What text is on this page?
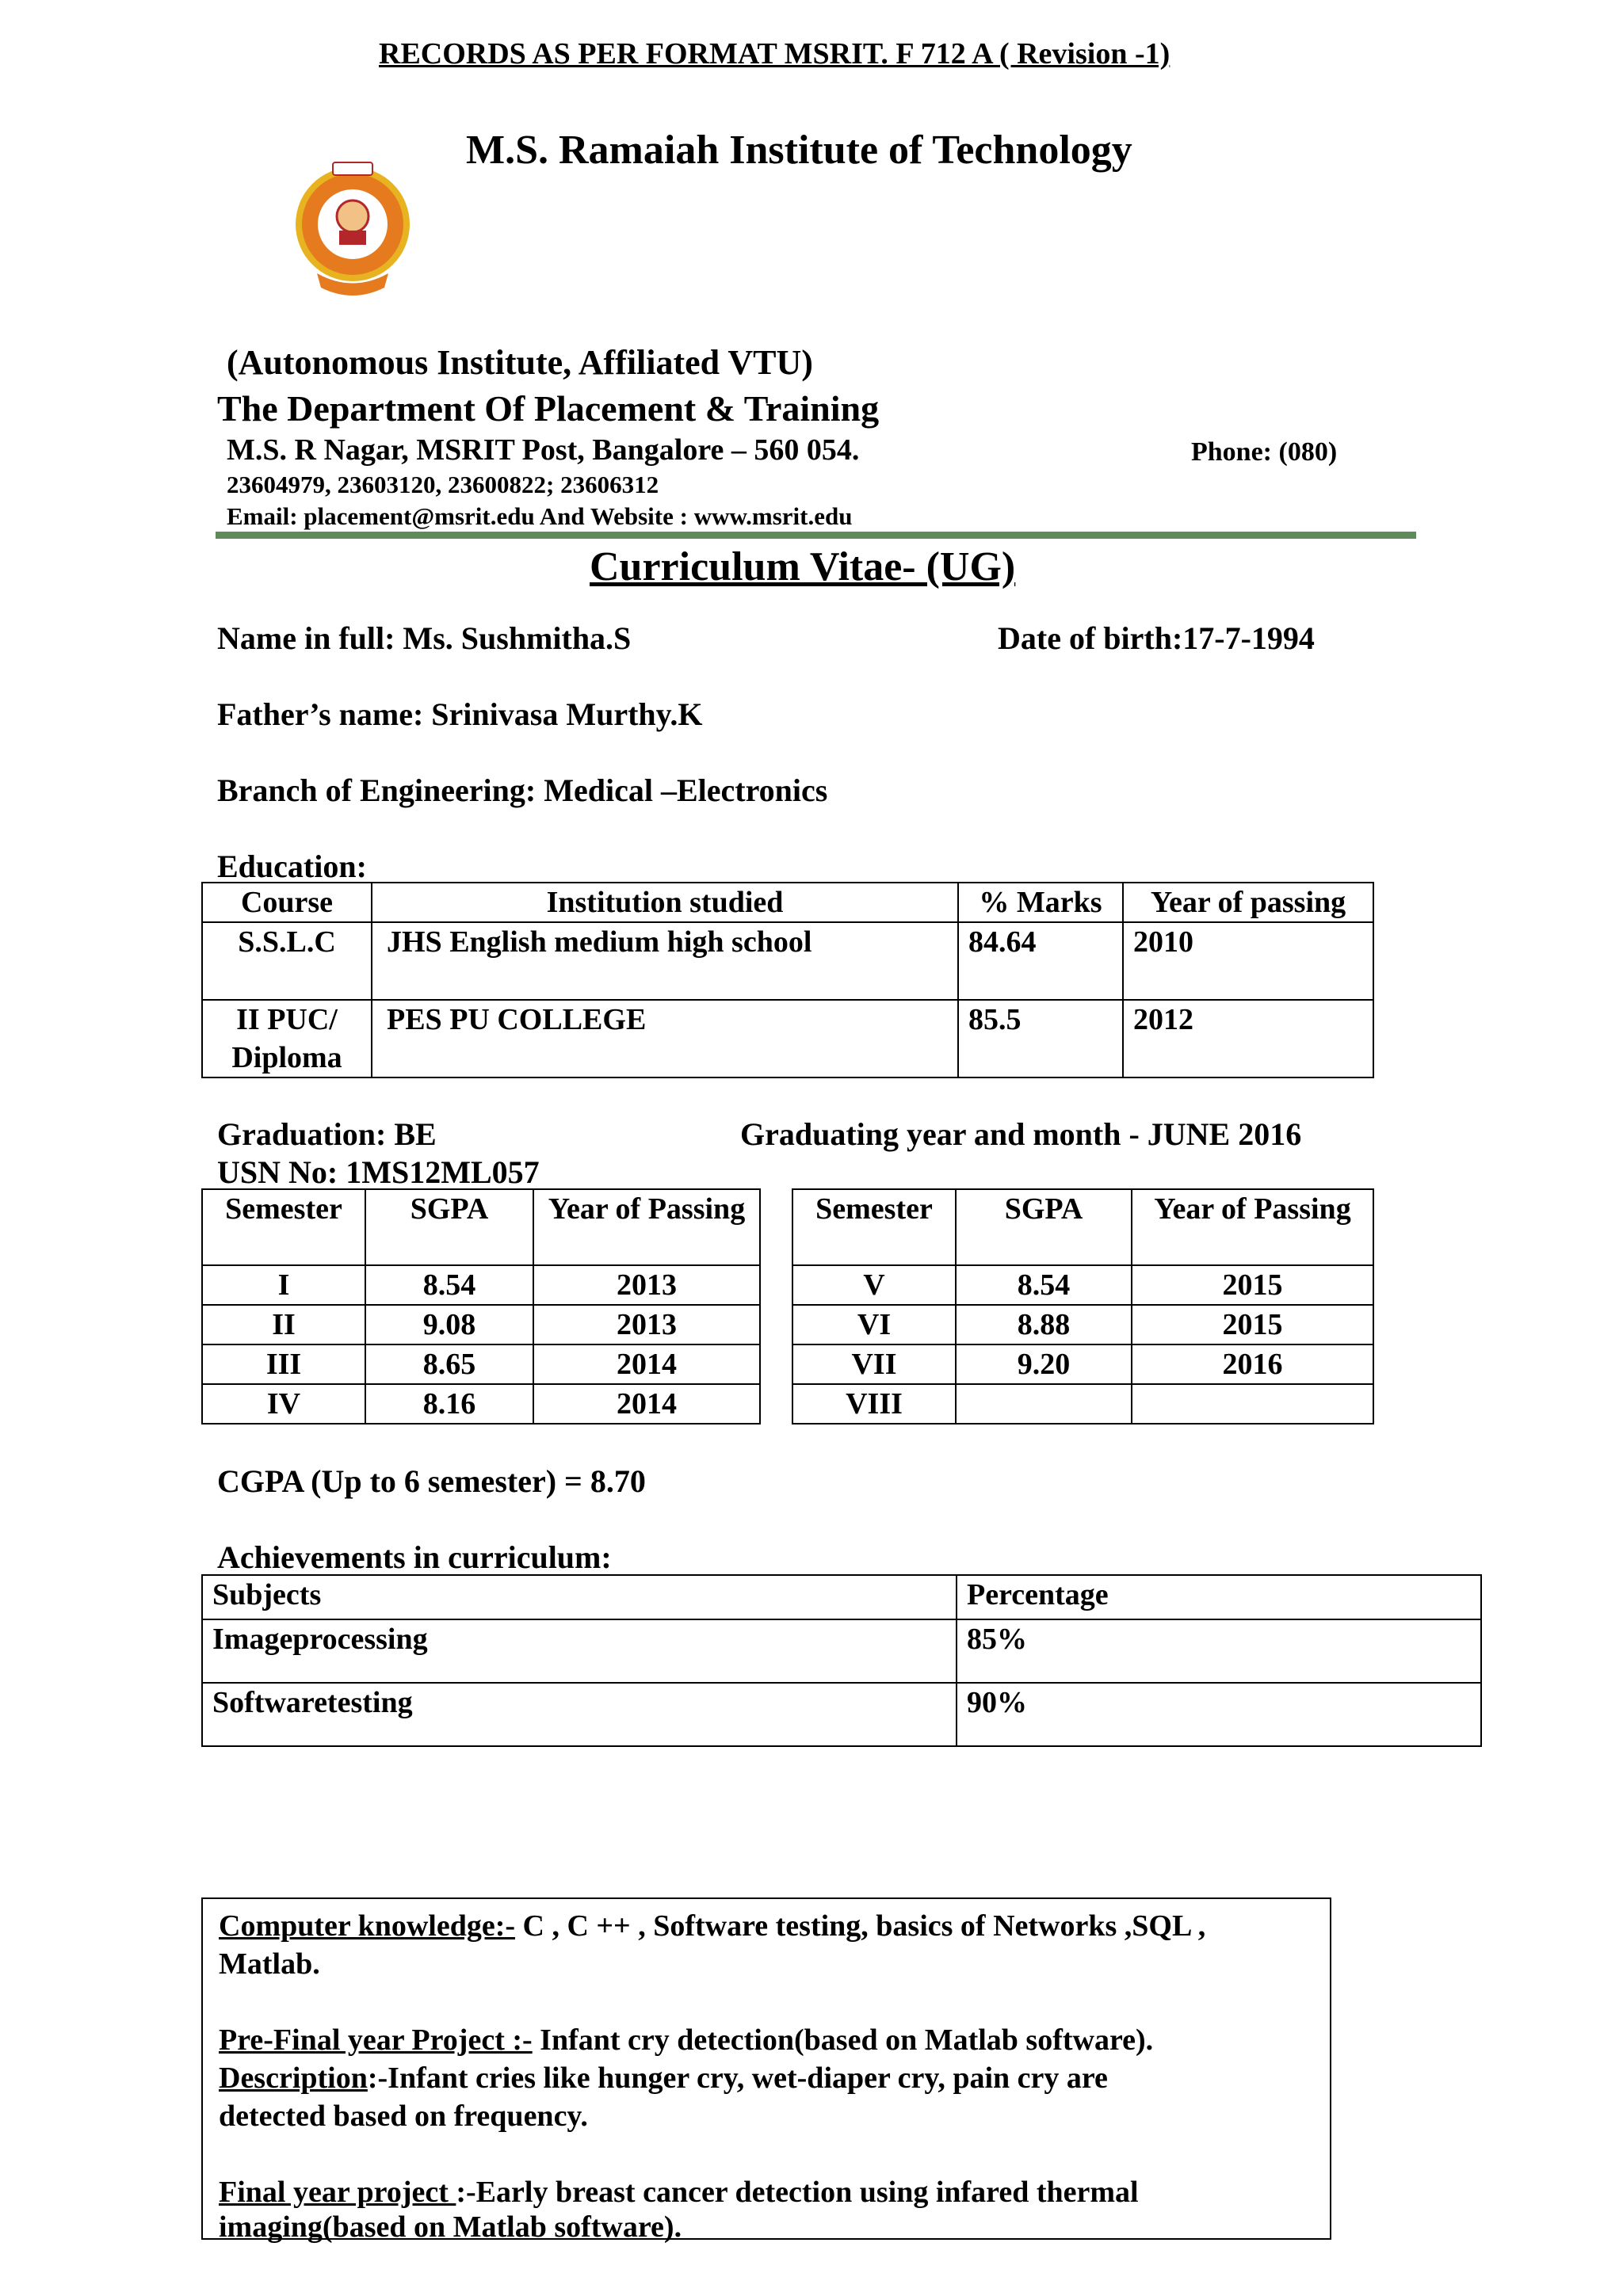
RECORDS AS PER FORMAT MSRIT. F 712 A ( Revision -1)
M.S. Ramaiah Institute of Technology
(Autonomous Institute, Affiliated VTU)
The Department Of Placement & Training
M.S. R Nagar, MSRIT Post, Bangalore – 560 054.	Phone: (080)
23604979, 23603120, 23600822; 23606312
Email: placement@msrit.edu And Website : www.msrit.edu
Curriculum Vitae- (UG)
Name in full: Ms. Sushmitha.S	Date of birth:17-7-1994
Father’s name: Srinivasa Murthy.K
Branch of Engineering: Medical –Electronics
Education:
Course	Institution studied	% Marks	Year of passing
S.S.L.C	JHS English medium high school	84.64	2010
II PUC/ Diploma	PES PU COLLEGE	85.5	2012
Graduation: BE	Graduating year and month - JUNE 2016
USN No: 1MS12ML057
Semester	SGPA	Year of Passing
I	8.54	2013
II	9.08	2013
III	8.65	2014
IV	8.16	2014
Semester	SGPA	Year of Passing
V	8.54	2015
VI	8.88	2015
VII	9.20	2016
VIII		
CGPA (Up to 6 semester) = 8.70
Achievements in curriculum:
Subjects	Percentage
Imageprocessing	85%
Softwaretesting	90%
Computer knowledge:- C , C ++ , Software testing, basics of Networks ,SQL ,
Matlab.
Pre-Final year Project :- Infant cry detection(based on Matlab software).
Description:-Infant cries like hunger cry, wet-diaper cry, pain cry are
detected based on frequency.
Final year project :-Early breast cancer detection using infared thermal
imaging(based on Matlab software).
